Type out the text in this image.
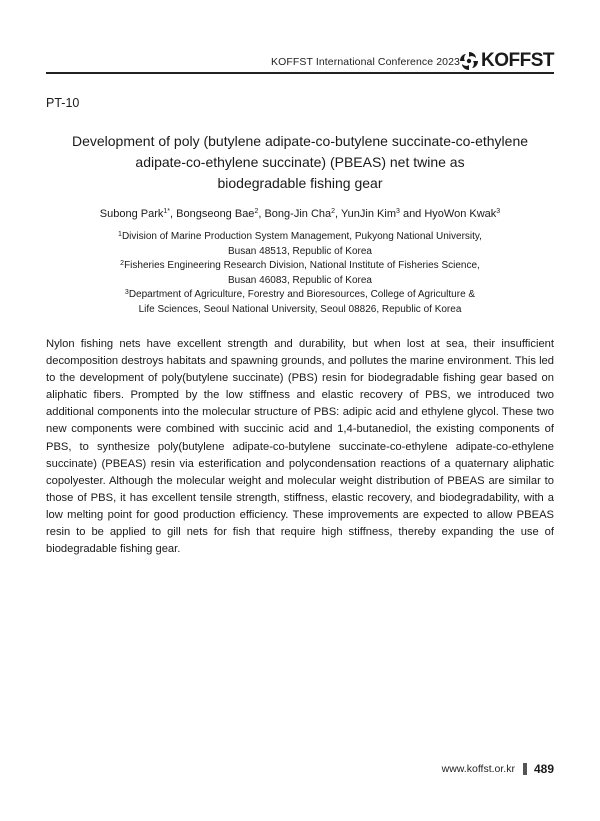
KOFFST International Conference 2023 KOFFST
PT-10
Development of poly (butylene adipate-co-butylene succinate-co-ethylene
adipate-co-ethylene succinate) (PBEAS) net twine as
biodegradable fishing gear
Subong Park$^{1*}$, Bongseong Bae$^2$, Bong-Jin Cha$^2$, YunJin Kim$^3$ and HyoWon Kwak$^3$
$^1$Division of Marine Production System Management, Pukyong National University,
Busan 48513, Republic of Korea
$^2$Fisheries Engineering Research Division, National Institute of Fisheries Science,
Busan 46083, Republic of Korea
$^3$Department of Agriculture, Forestry and Bioresources, College of Agriculture &
Life Sciences, Seoul National University, Seoul 08826, Republic of Korea

Nylon fishing nets have excellent strength and durability, but when lost at sea, their insufficient decomposition destroys habitats and spawning grounds, and pollutes the marine environment. This led to the development of poly(butylene succinate) (PBS) resin for biodegradable fishing gear based on aliphatic fibers. Prompted by the low stiffness and elastic recovery of PBS, we introduced two additional components into the molecular structure of PBS: adipic acid and ethylene glycol. These two new components were combined with succinic acid and 1,4-butanediol, the existing components of PBS, to synthesize poly(butylene adipate-co-butylene succinate-co-ethylene adipate-co-ethylene succinate) (PBEAS) resin via esterification and polycondensation reactions of a quaternary aliphatic copolyester. Although the molecular weight and molecular weight distribution of PBEAS are similar to those of PBS, it has excellent tensile strength, stiffness, elastic recovery, and biodegradability, with a low melting point for good production efficiency. These improvements are expected to allow PBEAS resin to be applied to gill nets for fish that require high stiffness, thereby expanding the use of biodegradable fishing gear.

www.koffst.or.kr 489
